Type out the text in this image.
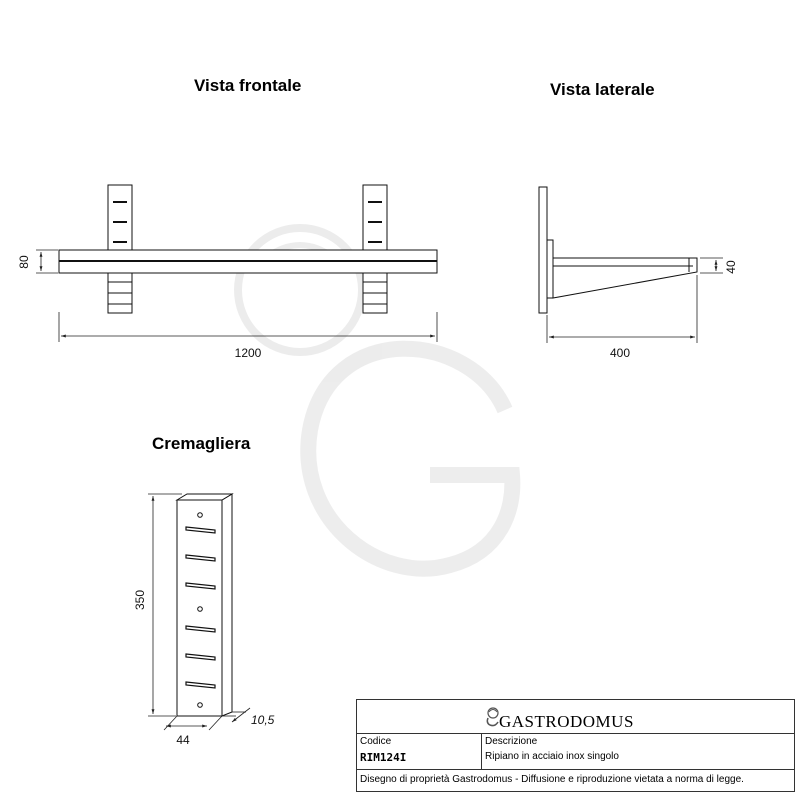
Vista frontale	Vista laterale
Cremagliera
1200
80
400
40
350
44
10,5	GASTRODOMUS
Codice
RIM124I
Descrizione
Ripiano in acciaio inox singolo
Disegno di proprietà Gastrodomus - Diffusione e riproduzione vietata a norma di legge.
